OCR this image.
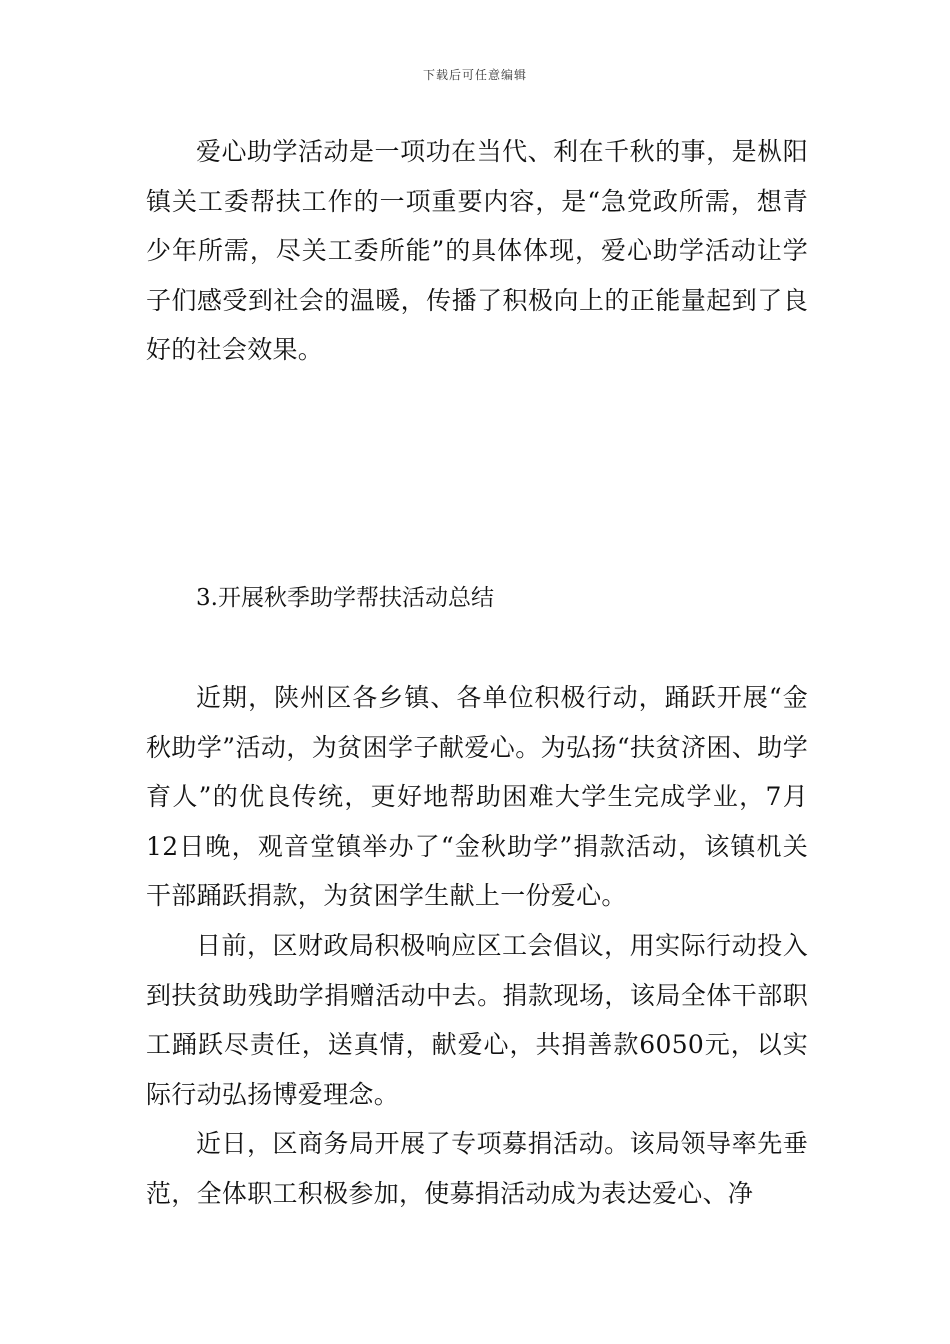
下载后可任意编辑

爱心助学活动是一项功在当代、利在千秋的事，是枞阳镇关工委帮扶工作的一项重要内容，是“急党政所需，想青少年所需，尽关工委所能”的具体体现，爱心助学活动让学子们感受到社会的温暖，传播了积极向上的正能量起到了良好的社会效果。

3.开展秋季助学帮扶活动总结

近期，陕州区各乡镇、各单位积极行动，踊跃开展“金秋助学”活动，为贫困学子献爱心。为弘扬“扶贫济困、助学育人”的优良传统，更好地帮助困难大学生完成学业，7月12日晚，观音堂镇举办了“金秋助学”捐款活动，该镇机关干部踊跃捐款，为贫困学生献上一份爱心。

日前，区财政局积极响应区工会倡议，用实际行动投入到扶贫助残助学捐赠活动中去。捐款现场，该局全体干部职工踊跃尽责任，送真情，献爱心，共捐善款6050元，以实际行动弘扬博爱理念。

近日，区商务局开展了专项募捐活动。该局领导率先垂范，全体职工积极参加，使募捐活动成为表达爱心、净
